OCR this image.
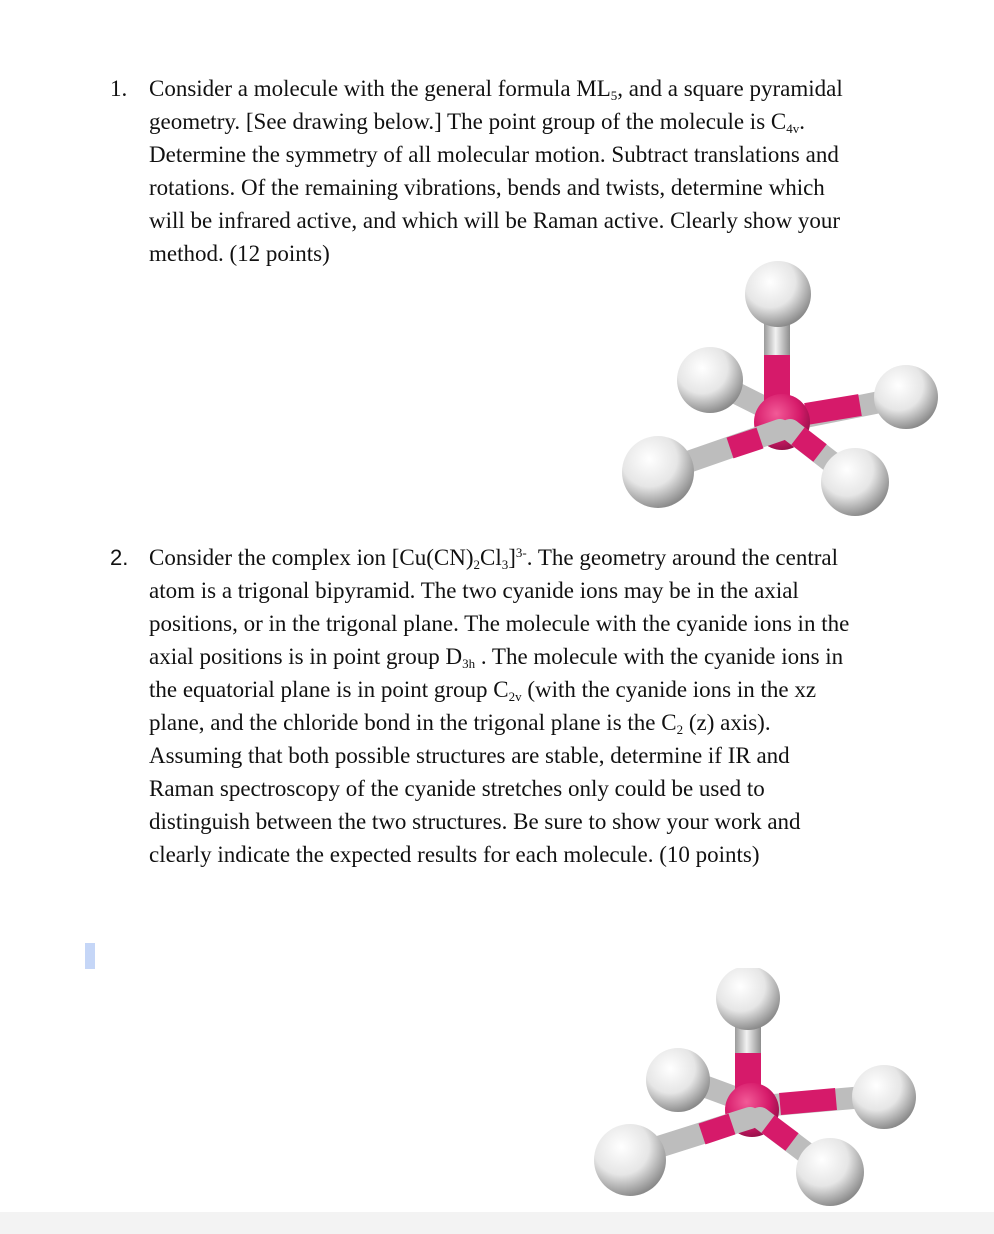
1. Consider a molecule with the general formula $ML_5$, and a square pyramidal
geometry. [See drawing below.] The point group of the molecule is $C_{4v}$.
Determine the symmetry of all molecular motion. Subtract translations and
rotations. Of the remaining vibrations, bends and twists, determine which
will be infrared active, and which will be Raman active. Clearly show your
method. (12 points)
2. Consider the complex ion $[Cu(CN)_2Cl_3]^{3-}$. The geometry around the central
atom is a trigonal bipyramid. The two cyanide ions may be in the axial
positions, or in the trigonal plane. The molecule with the cyanide ions in the
axial positions is in point group $D_{3h}$ . The molecule with the cyanide ions in
the equatorial plane is in point group $C_{2v}$ (with the cyanide ions in the xz
plane, and the chloride bond in the trigonal plane is the $C_2$ (z) axis).
Assuming that both possible structures are stable, determine if IR and
Raman spectroscopy of the cyanide stretches only could be used to
distinguish between the two structures. Be sure to show your work and
clearly indicate the expected results for each molecule. (10 points)
